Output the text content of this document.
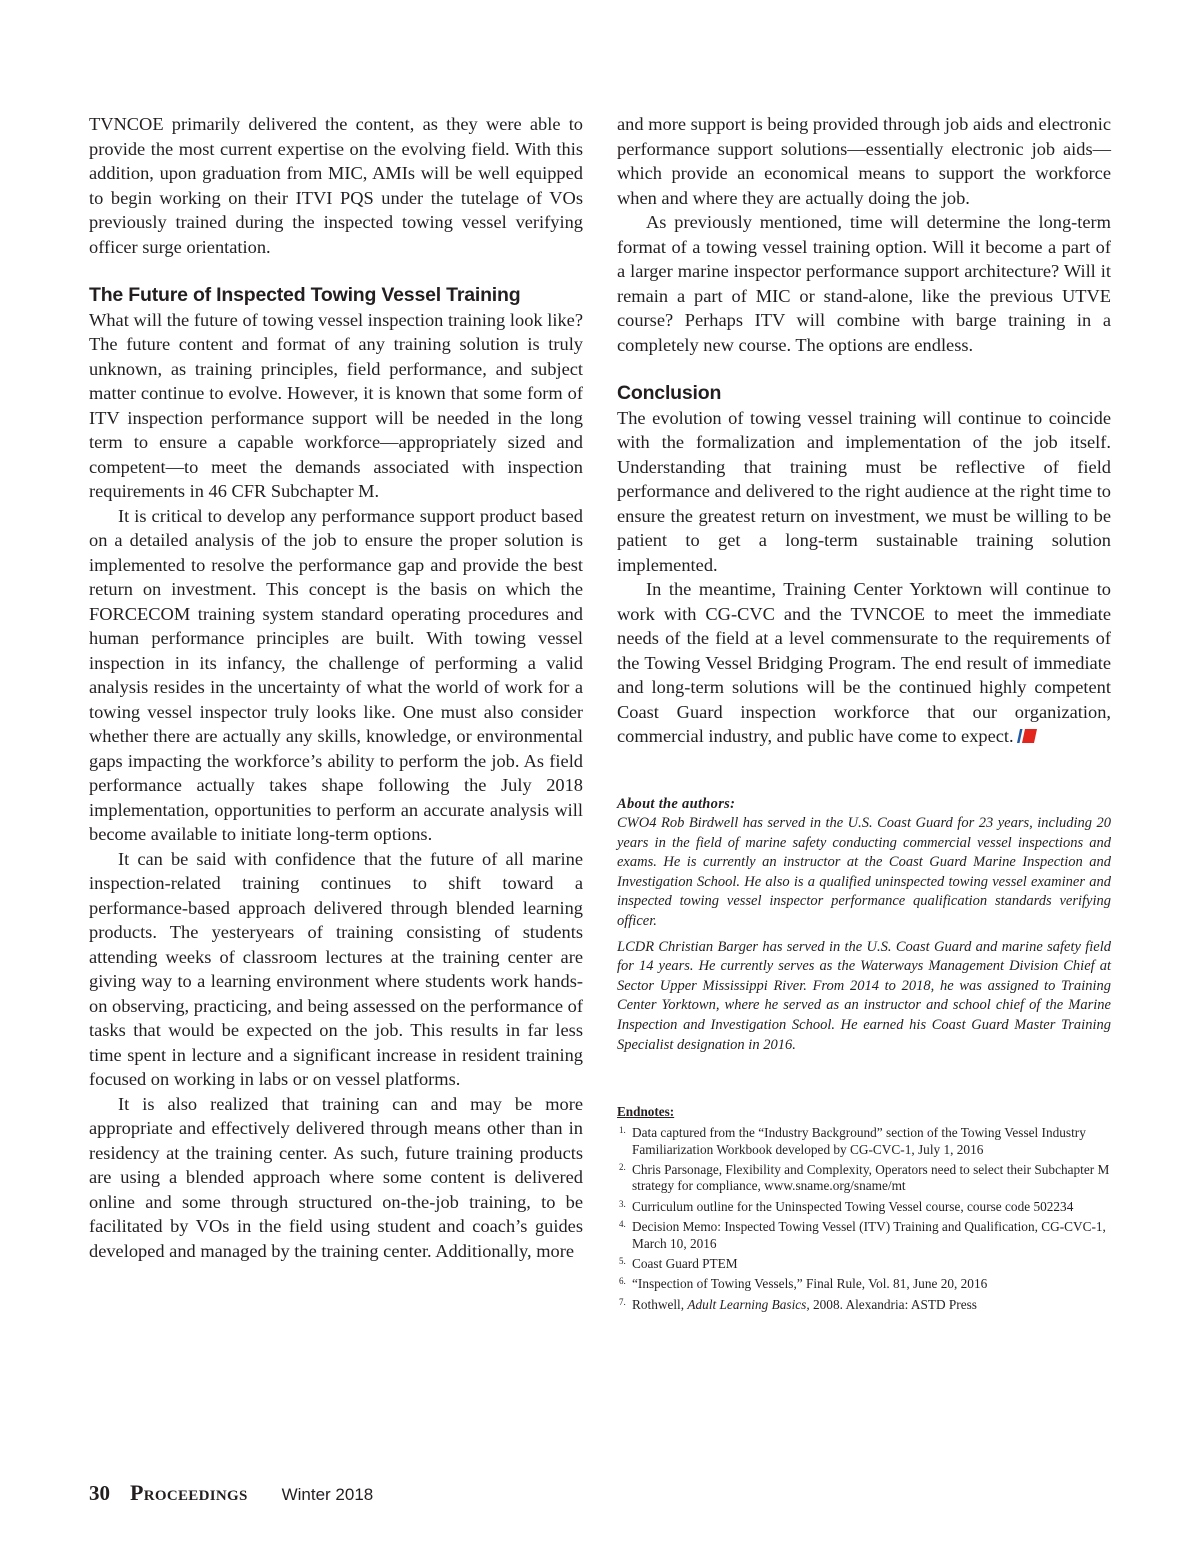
TVNCOE primarily delivered the content, as they were able to provide the most current expertise on the evolving field. With this addition, upon graduation from MIC, AMIs will be well equipped to begin working on their ITVI PQS under the tutelage of VOs previously trained during the inspected towing vessel verifying officer surge orientation.

The Future of Inspected Towing Vessel Training

What will the future of towing vessel inspection training look like? The future content and format of any training solution is truly unknown, as training principles, field performance, and subject matter continue to evolve. However, it is known that some form of ITV inspection performance support will be needed in the long term to ensure a capable workforce—appropriately sized and competent—to meet the demands associated with inspection requirements in 46 CFR Subchapter M.

It is critical to develop any performance support product based on a detailed analysis of the job to ensure the proper solution is implemented to resolve the performance gap and provide the best return on investment. This concept is the basis on which the FORCECOM training system standard operating procedures and human performance principles are built. With towing vessel inspection in its infancy, the challenge of performing a valid analysis resides in the uncertainty of what the world of work for a towing vessel inspector truly looks like. One must also consider whether there are actually any skills, knowledge, or environmental gaps impacting the workforce’s ability to perform the job. As field performance actually takes shape following the July 2018 implementation, opportunities to perform an accurate analysis will become available to initiate long-term options.

It can be said with confidence that the future of all marine inspection-related training continues to shift toward a performance-based approach delivered through blended learning products. The yesteryears of training consisting of students attending weeks of classroom lectures at the training center are giving way to a learning environment where students work hands-on observing, practicing, and being assessed on the performance of tasks that would be expected on the job. This results in far less time spent in lecture and a significant increase in resident training focused on working in labs or on vessel platforms.

It is also realized that training can and may be more appropriate and effectively delivered through means other than in residency at the training center. As such, future training products are using a blended approach where some content is delivered online and some through structured on-the-job training, to be facilitated by VOs in the field using student and coach’s guides developed and managed by the training center. Additionally, more

and more support is being provided through job aids and electronic performance support solutions—essentially electronic job aids—which provide an economical means to support the workforce when and where they are actually doing the job.

As previously mentioned, time will determine the long-term format of a towing vessel training option. Will it become a part of a larger marine inspector performance support architecture? Will it remain a part of MIC or stand-alone, like the previous UTVE course? Perhaps ITV will combine with barge training in a completely new course. The options are endless.

Conclusion

The evolution of towing vessel training will continue to coincide with the formalization and implementation of the job itself. Understanding that training must be reflective of field performance and delivered to the right audience at the right time to ensure the greatest return on investment, we must be willing to be patient to get a long-term sustainable training solution implemented.

In the meantime, Training Center Yorktown will continue to work with CG-CVC and the TVNCOE to meet the immediate needs of the field at a level commensurate to the requirements of the Towing Vessel Bridging Program. The end result of immediate and long-term solutions will be the continued highly competent Coast Guard inspection workforce that our organization, commercial industry, and public have come to expect.

About the authors:

CWO4 Rob Birdwell has served in the U.S. Coast Guard for 23 years, including 20 years in the field of marine safety conducting commercial vessel inspections and exams. He is currently an instructor at the Coast Guard Marine Inspection and Investigation School. He also is a qualified uninspected towing vessel examiner and inspected towing vessel inspector performance qualification standards verifying officer.

LCDR Christian Barger has served in the U.S. Coast Guard and marine safety field for 14 years. He currently serves as the Waterways Management Division Chief at Sector Upper Mississippi River. From 2014 to 2018, he was assigned to Training Center Yorktown, where he served as an instructor and school chief of the Marine Inspection and Investigation School. He earned his Coast Guard Master Training Specialist designation in 2016.

Endnotes:

1. Data captured from the “Industry Background” section of the Towing Vessel Industry Familiarization Workbook developed by CG-CVC-1, July 1, 2016

2. Chris Parsonage, Flexibility and Complexity, Operators need to select their Subchapter M strategy for compliance, www.sname.org/sname/mt

3. Curriculum outline for the Uninspected Towing Vessel course, course code 502234

4. Decision Memo: Inspected Towing Vessel (ITV) Training and Qualification, CG-CVC-1, March 10, 2016

5. Coast Guard PTEM

6. “Inspection of Towing Vessels,” Final Rule, Vol. 81, June 20, 2016

7. Rothwell, Adult Learning Basics, 2008. Alexandria: ASTD Press

30 Proceedings Winter 2018
